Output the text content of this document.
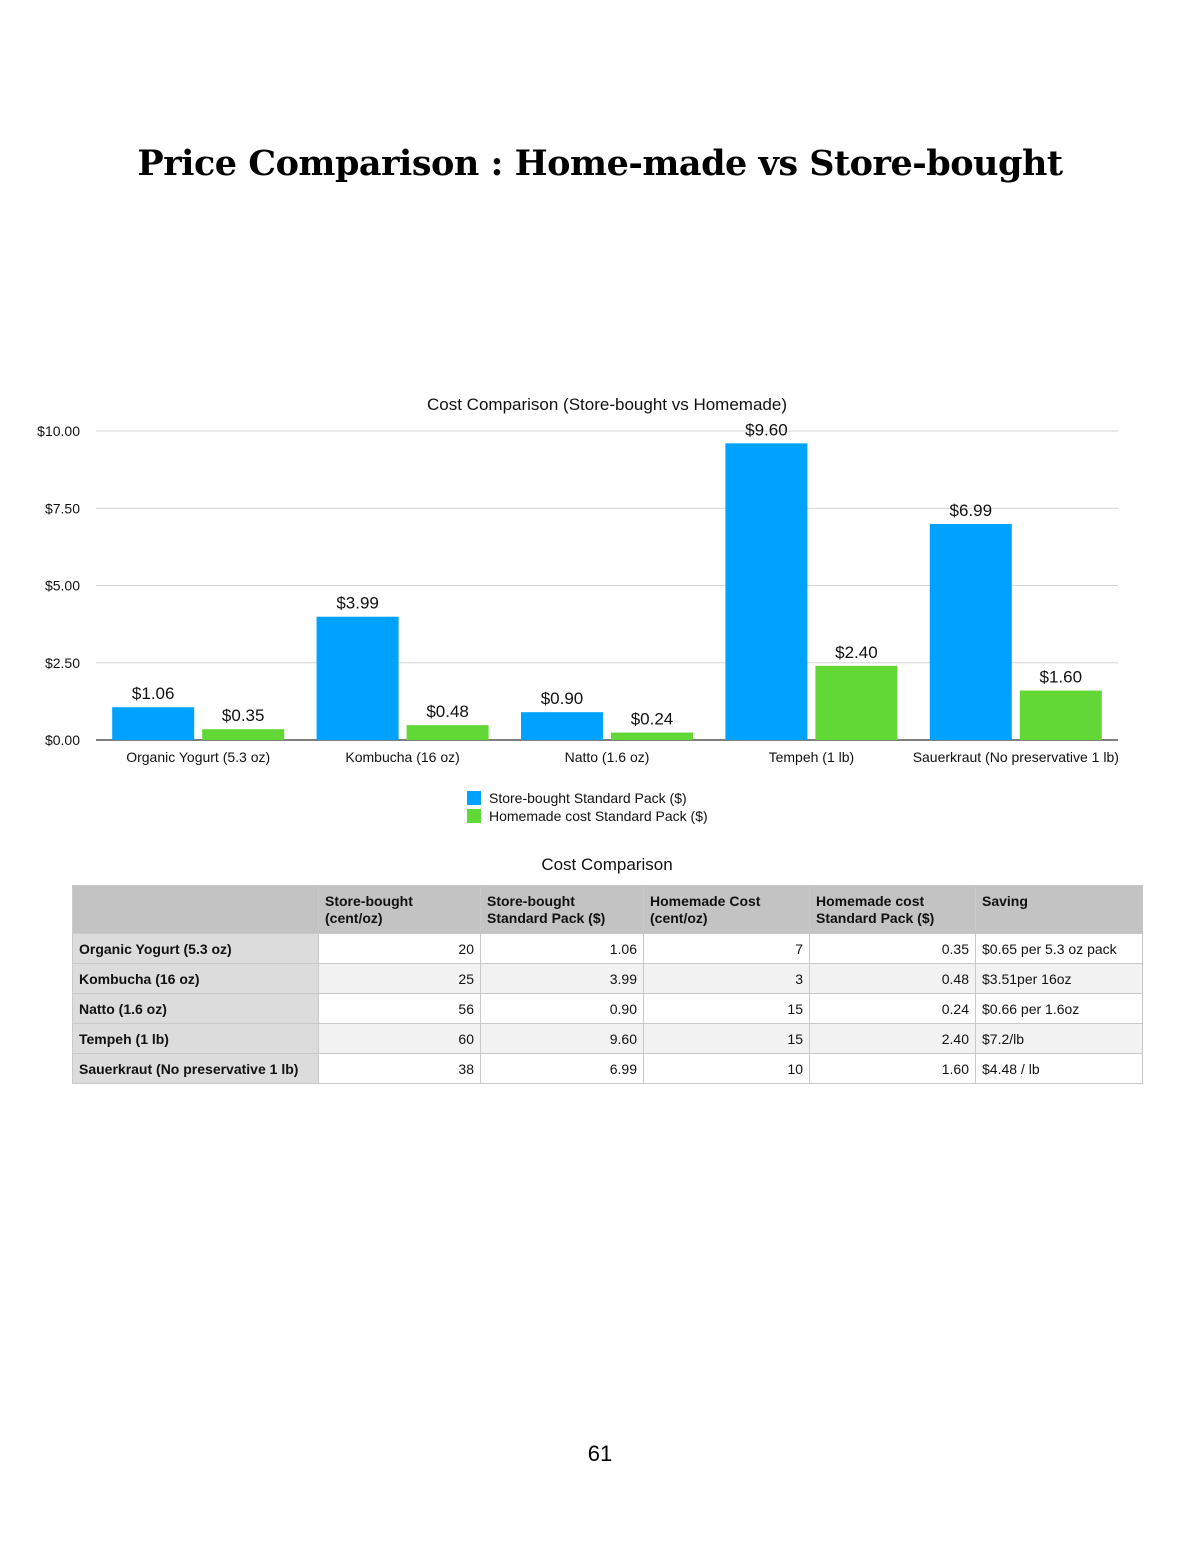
Price Comparison : Home-made vs Store-bought
Cost Comparison (Store-bought vs Homemade)
$0.00
$2.50
$5.00
$7.50
$10.00
$1.06
$0.35
Organic Yogurt (5.3 oz)
$3.99
$0.48
Kombucha (16 oz)
$0.90
$0.24
Natto (1.6 oz)
$9.60
$2.40
Tempeh (1 lb)
$6.99
$1.60
Sauerkraut (No preservative 1 lb)
Store-bought Standard Pack ($)
Homemade cost Standard Pack ($)
Cost Comparison
	Store-bought (cent/oz)	Store-bought Standard Pack ($)	Homemade Cost (cent/oz)	Homemade cost Standard Pack ($)	Saving
Organic Yogurt (5.3 oz)	20	1.06	7	0.35	$0.65 per 5.3 oz pack
Kombucha (16 oz)	25	3.99	3	0.48	$3.51per 16oz
Natto (1.6 oz)	56	0.90	15	0.24	$0.66 per 1.6oz
Tempeh (1 lb)	60	9.60	15	2.40	$7.2/lb
Sauerkraut (No preservative 1 lb)	38	6.99	10	1.60	$4.48 / lb
61
